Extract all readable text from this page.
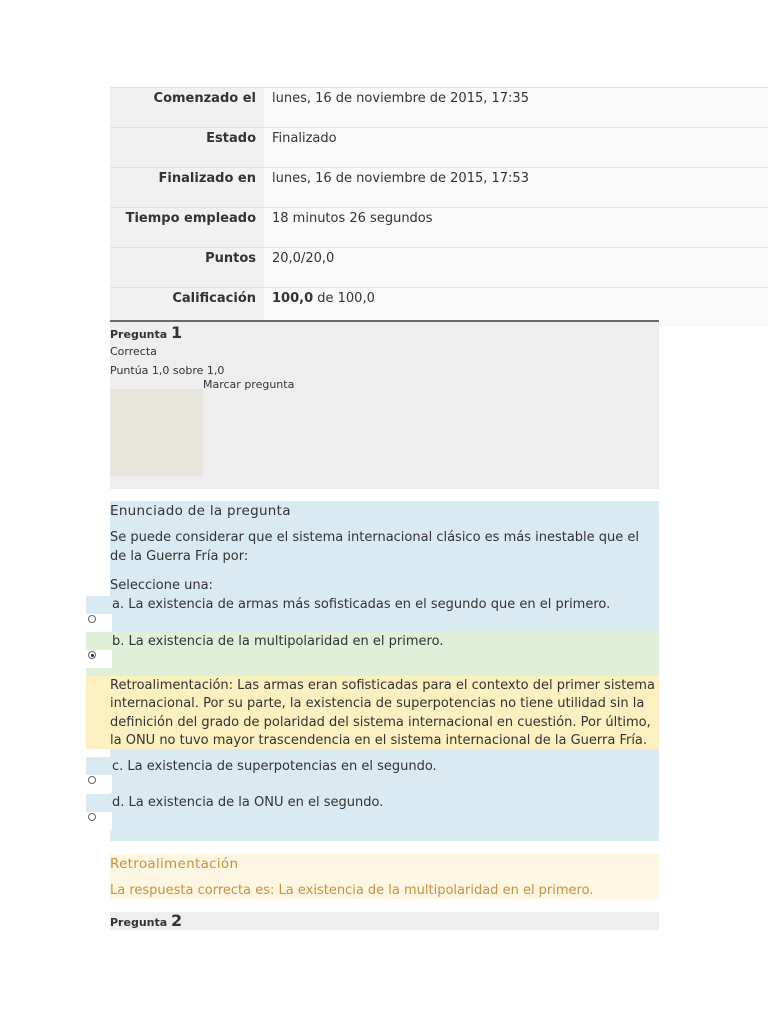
Comenzado el	lunes, 16 de noviembre de 2015, 17:35
Estado	Finalizado
Finalizado en	lunes, 16 de noviembre de 2015, 17:53
Tiempo empleado	18 minutos 26 segundos
Puntos	20,0/20,0
Calificación	100,0 de 100,0
Pregunta 1
Correcta
Puntúa 1,0 sobre 1,0
Marcar pregunta
Enunciado de la pregunta
Se puede considerar que el sistema internacional clásico es más inestable que el de la Guerra Fría por:
Seleccione una:
a. La existencia de armas más sofisticadas en el segundo que en el primero.
b. La existencia de la multipolaridad en el primero.
Retroalimentación: Las armas eran sofisticadas para el contexto del primer sistema internacional. Por su parte, la existencia de superpotencias no tiene utilidad sin la definición del grado de polaridad del sistema internacional en cuestión. Por último, la ONU no tuvo mayor trascendencia en el sistema internacional de la Guerra Fría.
c. La existencia de superpotencias en el segundo.
d. La existencia de la ONU en el segundo.
Retroalimentación
La respuesta correcta es: La existencia de la multipolaridad en el primero.
Pregunta 2
